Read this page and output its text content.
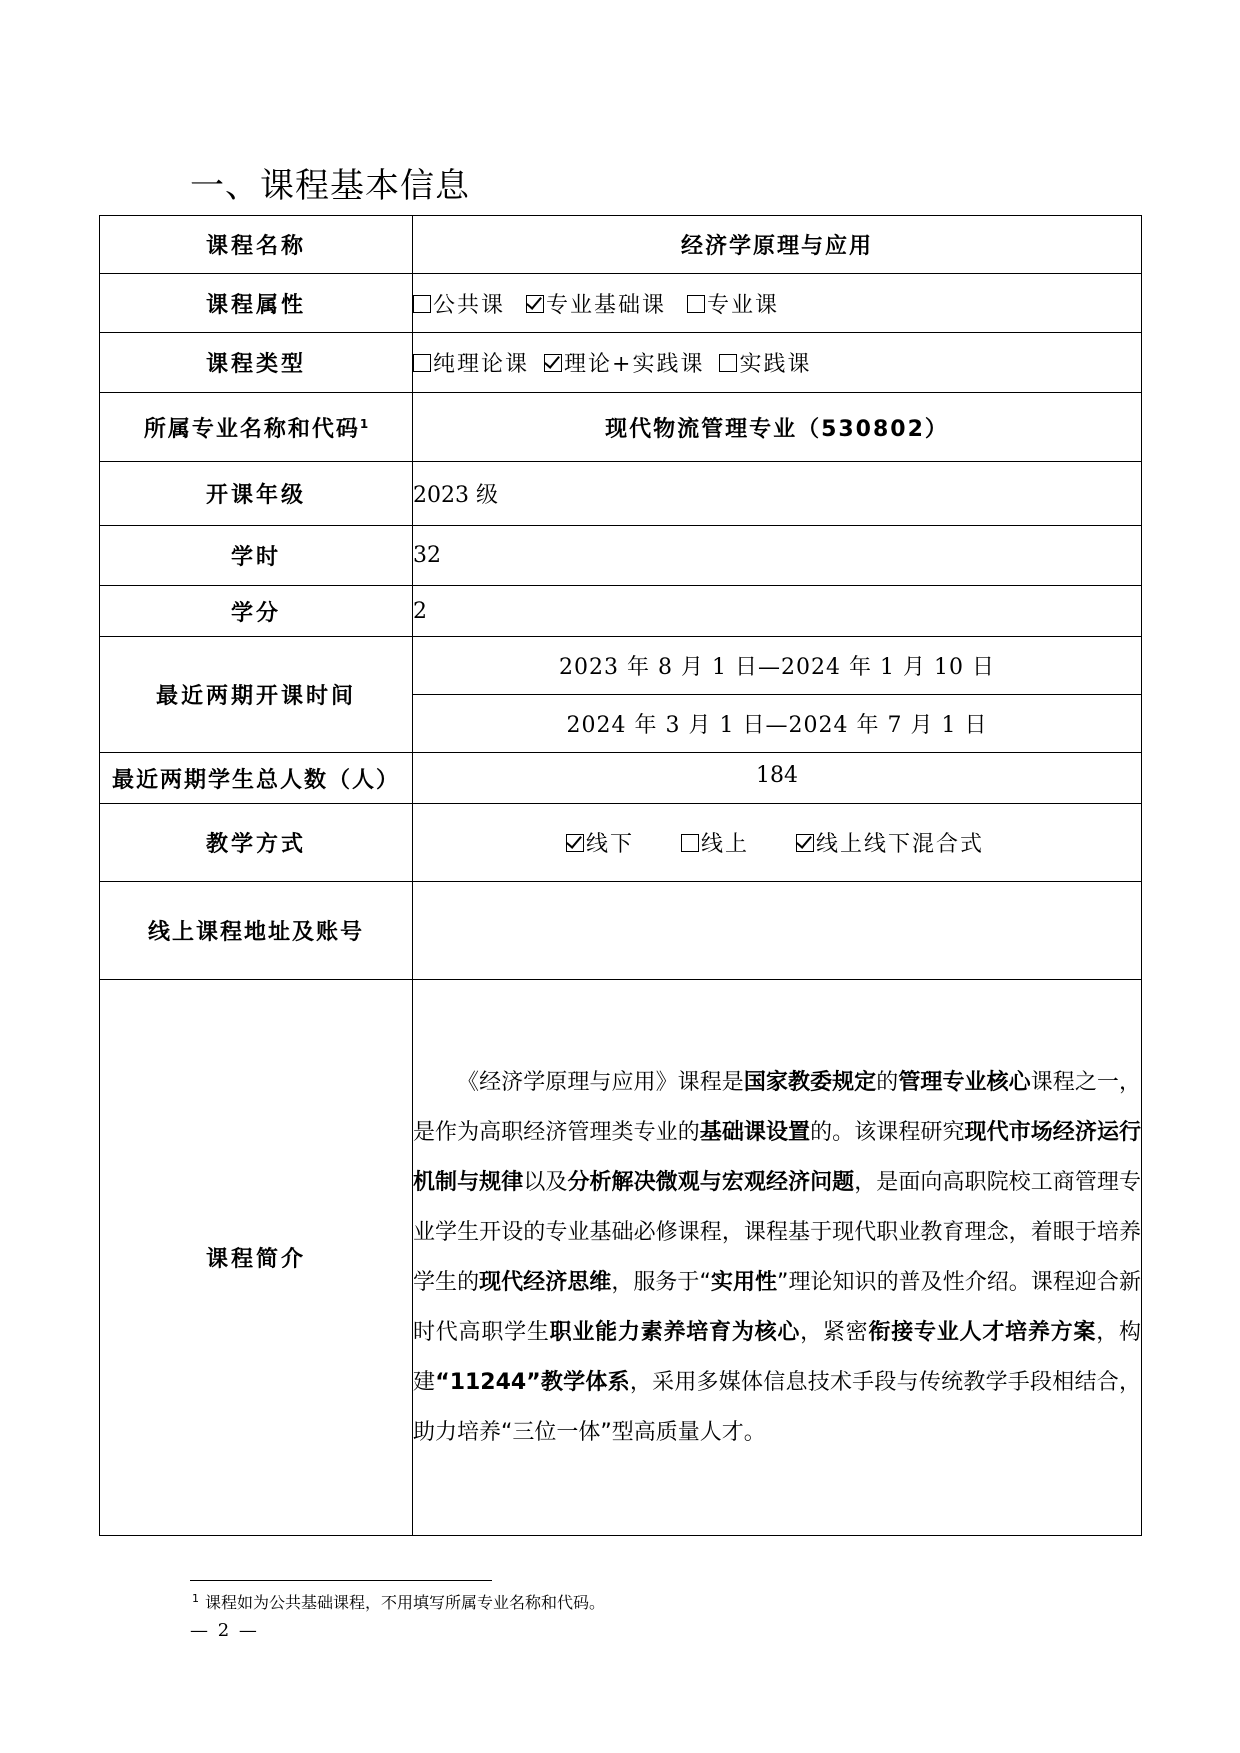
一、课程基本信息
课程名称	经济学原理与应用
课程属性	公共课 专业基础课 专业课
课程类型	纯理论课 理论+实践课 实践课
所属专业名称和代码$^1$	现代物流管理专业（530802）
开课年级	2023 级
学时	32
学分	2
最近两期开课时间	2023 年 8 月 1 日—2024 年 1 月 10 日
	2024 年 3 月 1 日—2024 年 7 月 1 日
最近两期学生总人数（人）	184
教学方式	线下 线上 线上线下混合式
线上课程地址及账号	
课程简介	《经济学原理与应用》课程是国家教委规定的管理专业核心课程之一，是作为高职经济管理类专业的基础课设置的。该课程研究现代市场经济运行机制与规律以及分析解决微观与宏观经济问题，是面向高职院校工商管理专业学生开设的专业基础必修课程，课程基于现代职业教育理念，着眼于培养学生的现代经济思维，服务于“实用性”理论知识的普及性介绍。课程迎合新时代高职学生职业能力素养培育为核心，紧密衔接专业人才培养方案，构建“11244”教学体系，采用多媒体信息技术手段与传统教学手段相结合，助力培养“三位一体”型高质量人才。

$^1$ 课程如为公共基础课程，不用填写所属专业名称和代码。
— 2 —
